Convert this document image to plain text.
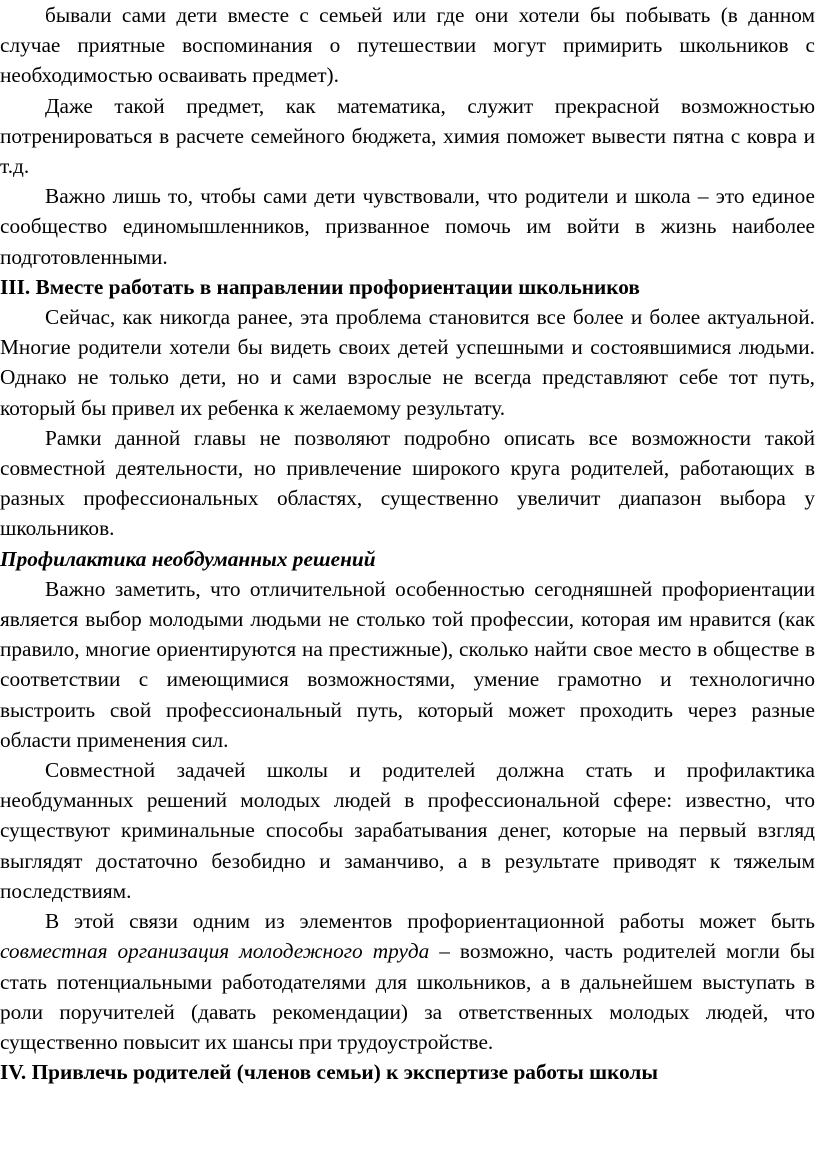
бывали сами дети вместе с семьей или где они хотели бы побывать (в данном случае приятные воспоминания о путешествии могут примирить школьников с необходимостью осваивать предмет).

Даже такой предмет, как математика, служит прекрасной возможностью потренироваться в расчете семейного бюджета, химия поможет вывести пятна с ковра и т.д.

Важно лишь то, чтобы сами дети чувствовали, что родители и школа – это единое сообщество единомышленников, призванное помочь им войти в жизнь наиболее подготовленными.

III. Вместе работать в направлении профориентации школьников

Сейчас, как никогда ранее, эта проблема становится все более и более актуальной. Многие родители хотели бы видеть своих детей успешными и состоявшимися людьми. Однако не только дети, но и сами взрослые не всегда представляют себе тот путь, который бы привел их ребенка к желаемому результату.

Рамки данной главы не позволяют подробно описать все возможности такой совместной деятельности, но привлечение широкого круга родителей, работающих в разных профессиональных областях, существенно увеличит диапазон выбора у школьников.

Профилактика необдуманных решений

Важно заметить, что отличительной особенностью сегодняшней профориентации является выбор молодыми людьми не столько той профессии, которая им нравится (как правило, многие ориентируются на престижные), сколько найти свое место в обществе в соответствии с имеющимися возможностями, умение грамотно и технологично выстроить свой профессиональный путь, который может проходить через разные области применения сил.

Совместной задачей школы и родителей должна стать и профилактика необдуманных решений молодых людей в профессиональной сфере: известно, что существуют криминальные способы зарабатывания денег, которые на первый взгляд выглядят достаточно безобидно и заманчиво, а в результате приводят к тяжелым последствиям.

В этой связи одним из элементов профориентационной работы может быть совместная организация молодежного труда – возможно, часть родителей могли бы стать потенциальными работодателями для школьников, а в дальнейшем выступать в роли поручителей (давать рекомендации) за ответственных молодых людей, что существенно повысит их шансы при трудоустройстве.

IV. Привлечь родителей (членов семьи) к экспертизе работы школы
